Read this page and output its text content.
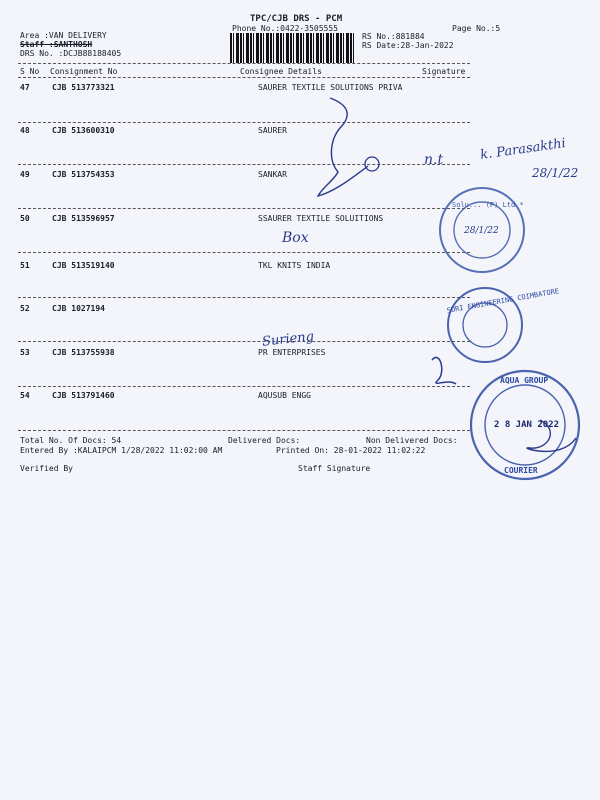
TPC/CJB DRS - PCM
Phone No.:0422-3505555	Page No.:5
Area :VAN DELIVERY
Staff :SANTHOSH
DRS No. :DCJB88188405
RS No.:881884
RS Date:28-Jan-2022
S No Consignment No	Consignee Details	Signature
47	CJB 513773321	SAURER TEXTILE SOLUTIONS PRIVA
48	CJB 513600310	SAURER
49	CJB 513754353	SANKAR
50	CJB 513596957	SSAURER TEXTILE SOLUITIONS
51	CJB 513519140	TKL KNITS INDIA
52	CJB 1027194
53	CJB 513755938	PR ENTERPRISES
54	CJB 513791460	AQUSUB ENGG
Total No. Of Docs: 54	Delivered Docs:	Non Delivered Docs:
Entered By :KALAIPCM 1/28/2022 11:02:00 AM	Printed On: 28-01-2022 11:02:22
Verified By	Staff Signature
n.t	k. Parasakthi
28/1/22
Box
Surieng
Solu... (P) Ltd *
28/1/22
SURI ENGINEERING COIMBATORE
AQUA GROUP
2 8 JAN 2022
COURIER
